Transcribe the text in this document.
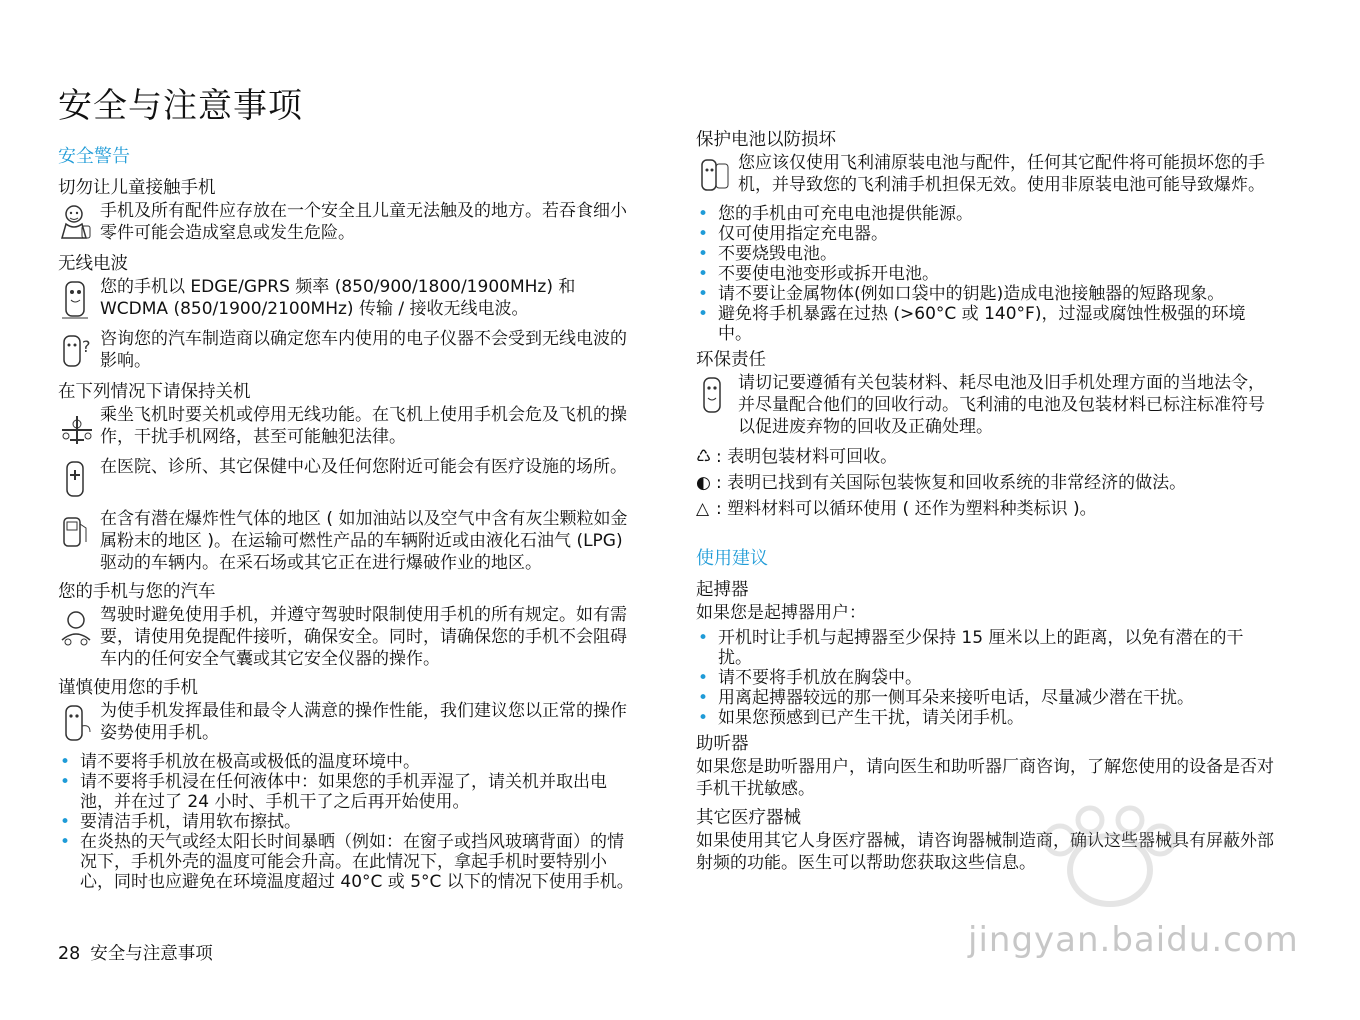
安全与注意事项
安全警告
切勿让儿童接触手机

手机及所有配件应存放在一个安全且儿童无法触及的地方。若吞食细小零件可能会造成窒息或发生危险。

无线电波

您的手机以 EDGE/GPRS 频率 (850/900/1800/1900MHz) 和 WCDMA (850/1900/2100MHz) 传输 / 接收无线电波。

? 咨询您的汽车制造商以确定您车内使用的电子仪器不会受到无线电波的影响。

在下列情况下请保持关机

乘坐飞机时要关机或停用无线功能。在飞机上使用手机会危及飞机的操作，干扰手机网络，甚至可能触犯法律。

在医院、诊所、其它保健中心及任何您附近可能会有医疗设施的场所。

在含有潜在爆炸性气体的地区 ( 如加油站以及空气中含有灰尘颗粒如金属粉末的地区 )。在运输可燃性产品的车辆附近或由液化石油气 (LPG) 驱动的车辆内。在采石场或其它正在进行爆破作业的地区。

您的手机与您的汽车

驾驶时避免使用手机，并遵守驾驶时限制使用手机的所有规定。如有需要，请使用免提配件接听，确保安全。同时，请确保您的手机不会阻碍车内的任何安全气囊或其它安全仪器的操作。

谨慎使用您的手机

为使手机发挥最佳和最令人满意的操作性能，我们建议您以正常的操作姿势使用手机。

• 请不要将手机放在极高或极低的温度环境中。
• 请不要将手机浸在任何液体中：如果您的手机弄湿了，请关机并取出电池，并在过了 24 小时、手机干了之后再开始使用。
• 要清洁手机，请用软布擦拭。
• 在炎热的天气或经太阳长时间暴晒（例如：在窗子或挡风玻璃背面）的情况下，手机外壳的温度可能会升高。在此情况下，拿起手机时要特别小心，同时也应避免在环境温度超过 40°C 或 5°C 以下的情况下使用手机。
28 安全与注意事项
保护电池以防损坏

您应该仅使用飞利浦原装电池与配件，任何其它配件将可能损坏您的手机，并导致您的飞利浦手机担保无效。使用非原装电池可能导致爆炸。

• 您的手机由可充电电池提供能源。
• 仅可使用指定充电器。
• 不要烧毁电池。
• 不要使电池变形或拆开电池。
• 请不要让金属物体(例如口袋中的钥匙)造成电池接触器的短路现象。
• 避免将手机暴露在过热 (>60°C 或 140°F)，过湿或腐蚀性极强的环境中。
环保责任

请切记要遵循有关包装材料、耗尽电池及旧手机处理方面的当地法令，并尽量配合他们的回收行动。飞利浦的电池及包装材料已标注标准符号以促进废弃物的回收及正确处理。

♺ : 表明包装材料可回收。
◐ : 表明已找到有关国际包装恢复和回收系统的非常经济的做法。
△ : 塑料材料可以循环使用 ( 还作为塑料种类标识 )。
使用建议
起搏器

如果您是起搏器用户：

• 开机时让手机与起搏器至少保持 15 厘米以上的距离，以免有潜在的干扰。
• 请不要将手机放在胸袋中。
• 用离起搏器较远的那一侧耳朵来接听电话，尽量减少潜在干扰。
• 如果您预感到已产生干扰，请关闭手机。
助听器

如果您是助听器用户，请向医生和助听器厂商咨询，了解您使用的设备是否对手机干扰敏感。

其它医疗器械

如果使用其它人身医疗器械，请咨询器械制造商，确认这些器械具有屏蔽外部射频的功能。医生可以帮助您获取这些信息。

jingyan.baidu.com
